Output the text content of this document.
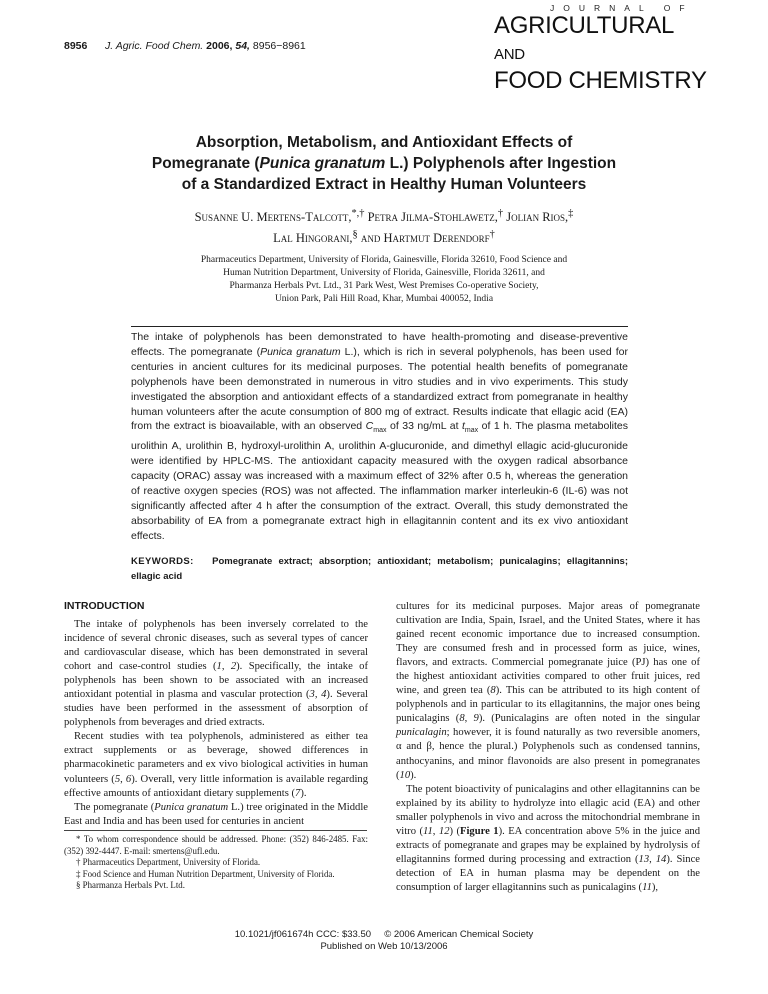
8956 J. Agric. Food Chem. 2006, 54, 8956−8961
JOURNAL OF
AGRICULTURAL AND
FOOD CHEMISTRY
Absorption, Metabolism, and Antioxidant Effects of
Pomegranate (Punica granatum L.) Polyphenols after Ingestion
of a Standardized Extract in Healthy Human Volunteers
Susanne U. Mertens-Talcott,*,† Petra Jilma-Stohlawetz,† Jolian Rios,‡
Lal Hingorani,§ and Hartmut Derendorf†
Pharmaceutics Department, University of Florida, Gainesville, Florida 32610, Food Science and
Human Nutrition Department, University of Florida, Gainesville, Florida 32611, and
Pharmanza Herbals Pvt. Ltd., 31 Park West, West Premises Co-operative Society,
Union Park, Pali Hill Road, Khar, Mumbai 400052, India
The intake of polyphenols has been demonstrated to have health-promoting and disease-preventive effects. The pomegranate (Punica granatum L.), which is rich in several polyphenols, has been used for centuries in ancient cultures for its medicinal purposes. The potential health benefits of pomegranate polyphenols have been demonstrated in numerous in vitro studies and in vivo experiments. This study investigated the absorption and antioxidant effects of a standardized extract from pomegranate in healthy human volunteers after the acute consumption of 800 mg of extract. Results indicate that ellagic acid (EA) from the extract is bioavailable, with an observed $C_{max}$ of 33 ng/mL at $t_{max}$ of 1 h. The plasma metabolites urolithin A, urolithin B, hydroxyl-urolithin A, urolithin A-glucuronide, and dimethyl ellagic acid-glucuronide were identified by HPLC-MS. The antioxidant capacity measured with the oxygen radical absorbance capacity (ORAC) assay was increased with a maximum effect of 32% after 0.5 h, whereas the generation of reactive oxygen species (ROS) was not affected. The inflammation marker interleukin-6 (IL-6) was not significantly affected after 4 h after the consumption of the extract. Overall, this study demonstrated the absorbability of EA from a pomegranate extract high in ellagitannin content and its ex vivo antioxidant effects.
KEYWORDS: Pomegranate extract; absorption; antioxidant; metabolism; punicalagins; ellagitannins; ellagic acid
INTRODUCTION

The intake of polyphenols has been inversely correlated to the incidence of several chronic diseases, such as several types of cancer and cardiovascular disease, which has been demonstrated in several cohort and case-control studies (1, 2). Specifically, the intake of polyphenols has been shown to be associated with an increased antioxidant potential in plasma and vascular protection (3, 4). Several studies have been performed in the assessment of absorption of polyphenols from beverages and dried extracts.

Recent studies with tea polyphenols, administered as either tea extract supplements or as beverage, showed differences in pharmacokinetic parameters and ex vivo biological activities in human volunteers (5, 6). Overall, very little information is available regarding effective amounts of antioxidant dietary supplements (7).

The pomegranate (Punica granatum L.) tree originated in the Middle East and India and has been used for centuries in ancient

* To whom correspondence should be addressed. Phone: (352) 846-2485. Fax: (352) 392-4447. E-mail: smertens@ufl.edu.

† Pharmaceutics Department, University of Florida.

‡ Food Science and Human Nutrition Department, University of Florida.

§ Pharmanza Herbals Pvt. Ltd.

cultures for its medicinal purposes. Major areas of pomegranate cultivation are India, Spain, Israel, and the United States, where it has gained recent economic importance due to increased consumption. They are consumed fresh and in processed form as juice, wines, flavors, and extracts. Commercial pomegranate juice (PJ) has one of the highest antioxidant activities compared to other fruit juices, red wine, and green tea (8). This can be attributed to its high content of polyphenols and in particular to its ellagitannins, the major ones being punicalagins (8, 9). (Punicalagins are often noted in the singular punicalagin; however, it is found naturally as two reversible anomers, α and β, hence the plural.) Polyphenols such as condensed tannins, anthocyanins, and minor flavonoids are also present in pomegranates (10).

The potent bioactivity of punicalagins and other ellagitannins can be explained by its ability to hydrolyze into ellagic acid (EA) and other smaller polyphenols in vivo and across the mitochondrial membrane in vitro (11, 12) (Figure 1). EA concentration above 5% in the juice and extracts of pomegranate and grapes may be explained by hydrolysis of ellagitannins formed during processing and extraction (13, 14). Since detection of EA in human plasma may be dependent on the consumption of larger ellagitannins such as punicalagins (11),

10.1021/jf061674h CCC: $33.50     © 2006 American Chemical Society
Published on Web 10/13/2006
